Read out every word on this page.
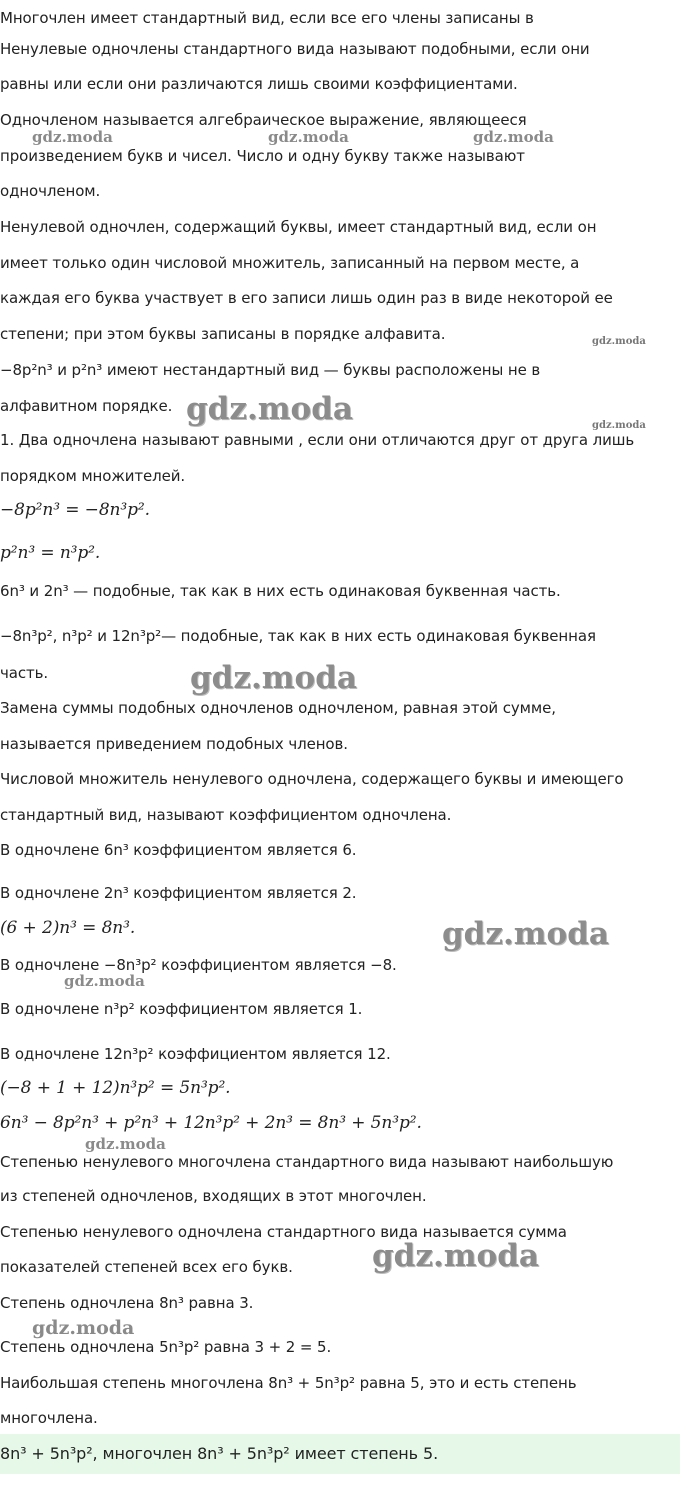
Многочлен имеет стандартный вид, если все его члены записаны в
Ненулевые одночлены стандартного вида называют подобными, если они
равны или если они различаются лишь своими коэффициентами.
Одночленом называется алгебраическое выражение, являющееся
произведением букв и чисел. Число и одну букву также называют
одночленом.
Ненулевой одночлен, содержащий буквы, имеет стандартный вид, если он
имеет только один числовой множитель, записанный на первом месте, а
каждая его буква участвует в его записи лишь один раз в виде некоторой ее
степени; при этом буквы записаны в порядке алфавита.
−8p²n³ и p²n³ имеют нестандартный вид — буквы расположены не в
алфавитном порядке.
1. Два одночлена называют равными , если они отличаются друг от друга лишь
порядком множителей.
−8p²n³ = −8n³p².
p²n³ = n³p².
6n³ и 2n³ — подобные, так как в них есть одинаковая буквенная часть.
−8n³p², n³p² и 12n³p²— подобные, так как в них есть одинаковая буквенная
часть.
Замена суммы подобных одночленов одночленом, равная этой сумме,
называется приведением подобных членов.
Числовой множитель ненулевого одночлена, содержащего буквы и имеющего
стандартный вид, называют коэффициентом одночлена.
В одночлене 6n³ коэффициентом является 6.
В одночлене 2n³ коэффициентом является 2.
(6 + 2)n³ = 8n³.
В одночлене −8n³p² коэффициентом является −8.
В одночлене n³p² коэффициентом является 1.
В одночлене 12n³p² коэффициентом является 12.
(−8 + 1 + 12)n³p² = 5n³p².
6n³ − 8p²n³ + p²n³ + 12n³p² + 2n³ = 8n³ + 5n³p².
Степенью ненулевого многочлена стандартного вида называют наибольшую
из степеней одночленов, входящих в этот многочлен.
Степенью ненулевого одночлена стандартного вида называется сумма
показателей степеней всех его букв.
Степень одночлена 8n³ равна 3.
Степень одночлена 5n³p² равна 3 + 2 = 5.
Наибольшая степень многочлена 8n³ + 5n³p² равна 5, это и есть степень
многочлена.
8n³ + 5n³p², многочлен 8n³ + 5n³p² имеет степень 5.
gdz.moda	gdz.moda	gdz.moda
gdz.moda
gdz.moda	gdz.moda
gdz.moda
gdz.moda
gdz.moda
gdz.moda
gdz.moda
gdz.moda
